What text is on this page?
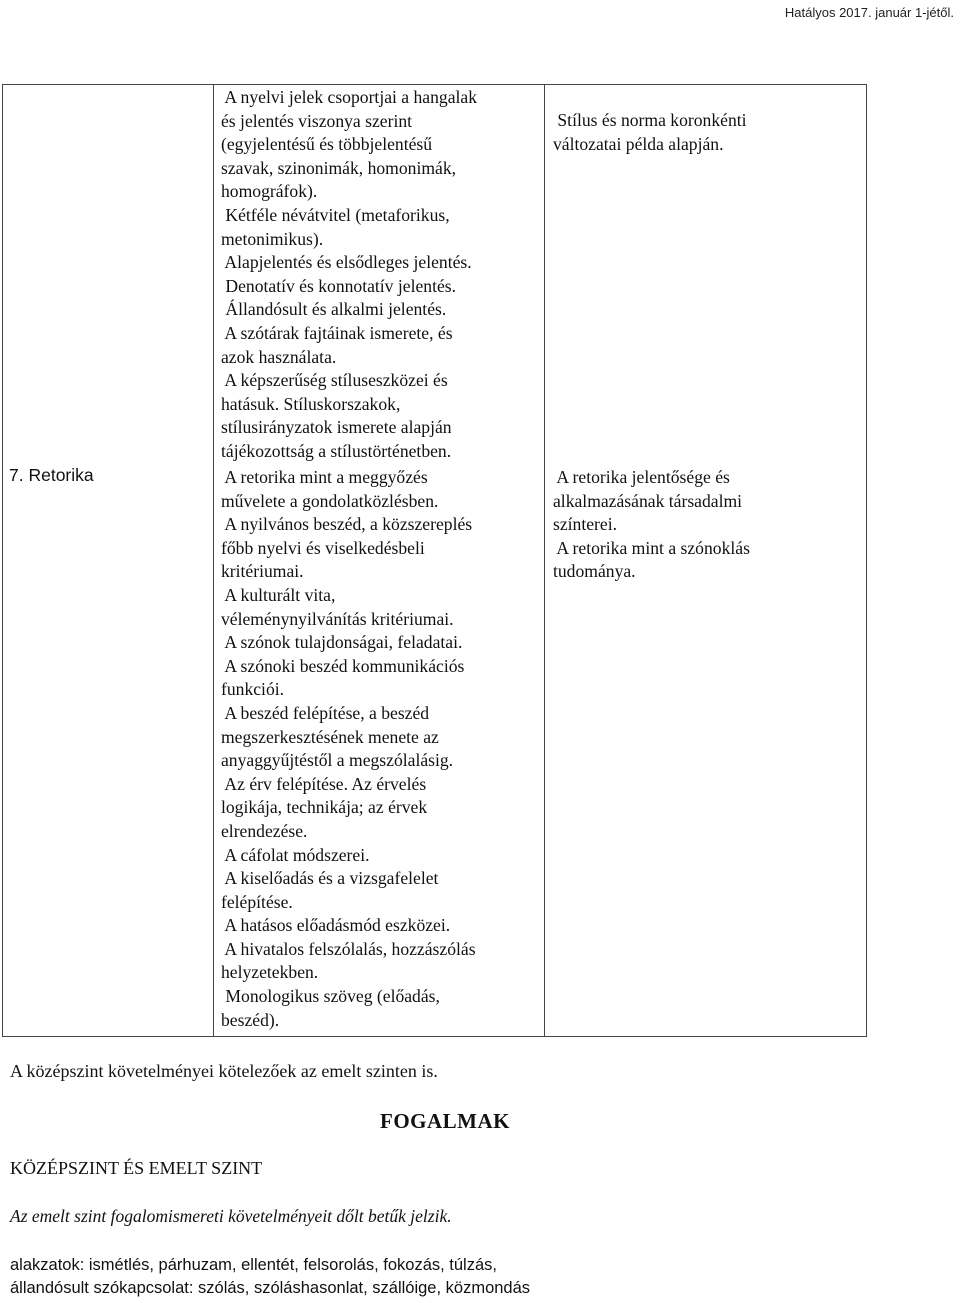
Hatályos 2017. január 1-jétől.
A nyelvi jelek csoportjai a hangalak
és jelentés viszonya szerint
(egyjelentésű és többjelentésű
szavak, szinonimák, homonimák,
homográfok).
Kétféle névátvitel (metaforikus,
metonimikus).
Alapjelentés és elsődleges jelentés.
Denotatív és konnotatív jelentés.
Állandósult és alkalmi jelentés.
A szótárak fajtáinak ismerete, és
azok használata.
A képszerűség stíluseszközei és
hatásuk. Stíluskorszakok,
stílusirányzatok ismerete alapján
tájékozottság a stílustörténetben.
Stílus és norma koronkénti
változatai példa alapján.
7. Retorika	A retorika mint a meggyőzés
művelete a gondolatközlésben.
A nyilvános beszéd, a közszereplés
főbb nyelvi és viselkedésbeli
kritériumai.
A kulturált vita,
véleménynyilvánítás kritériumai.
A szónok tulajdonságai, feladatai.
A szónoki beszéd kommunikációs
funkciói.
A beszéd felépítése, a beszéd
megszerkesztésének menete az
anyaggyűjtéstől a megszólalásig.
Az érv felépítése. Az érvelés
logikája, technikája; az érvek
elrendezése.
A cáfolat módszerei.
A kiselőadás és a vizsgafelelet
felépítése.
A hatásos előadásmód eszközei.
A hivatalos felszólalás, hozzászólás
helyzetekben.
Monologikus szöveg (előadás,
beszéd).
A retorika jelentősége és
alkalmazásának társadalmi
színterei.
A retorika mint a szónoklás
tudománya.
A középszint követelményei kötelezőek az emelt szinten is.
FOGALMAK
KÖZÉPSZINT ÉS EMELT SZINT
Az emelt szint fogalomismereti követelményeit dőlt betűk jelzik.
alakzatok: ismétlés, párhuzam, ellentét, felsorolás, fokozás, túlzás,
állandósult szókapcsolat: szólás, szóláshasonlat, szállóige, közmondás
